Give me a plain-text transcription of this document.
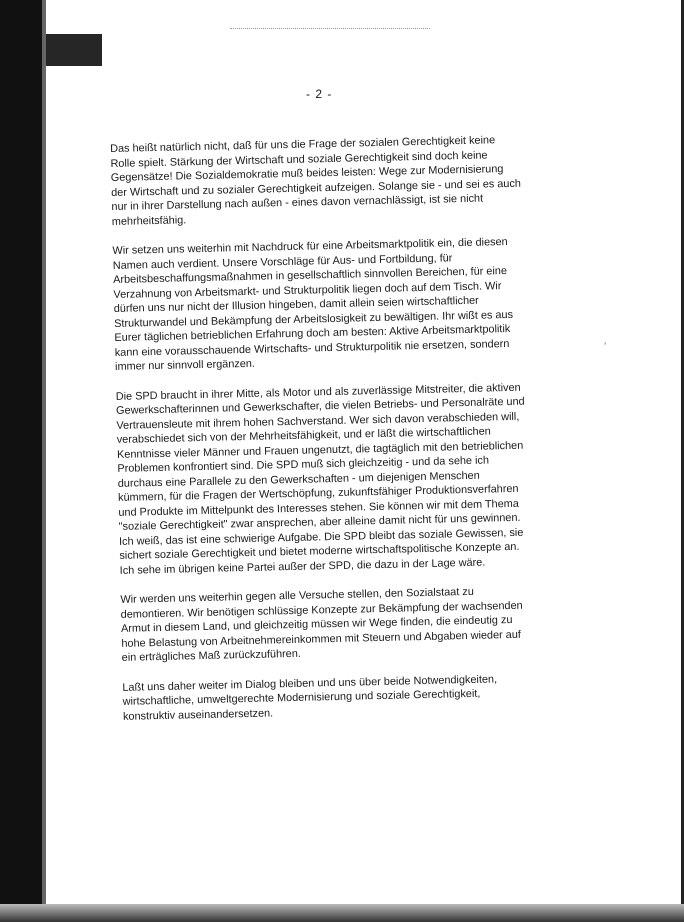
- 2 -

Das heißt natürlich nicht, daß für uns die Frage der sozialen Gerechtigkeit keine Rolle spielt. Stärkung der Wirtschaft und soziale Gerechtigkeit sind doch keine Gegensätze! Die Sozialdemokratie muß beides leisten: Wege zur Modernisierung der Wirtschaft und zu sozialer Gerechtigkeit aufzeigen. Solange sie - und sei es auch nur in ihrer Darstellung nach außen - eines davon vernachlässigt, ist sie nicht mehrheitsfähig.

Wir setzen uns weiterhin mit Nachdruck für eine Arbeitsmarktpolitik ein, die diesen Namen auch verdient. Unsere Vorschläge für Aus- und Fortbildung, für Arbeitsbeschaffungsmaßnahmen in gesellschaftlich sinnvollen Bereichen, für eine Verzahnung von Arbeitsmarkt- und Strukturpolitik liegen doch auf dem Tisch. Wir dürfen uns nur nicht der Illusion hingeben, damit allein seien wirtschaftlicher Strukturwandel und Bekämpfung der Arbeitslosigkeit zu bewältigen. Ihr wißt es aus Eurer täglichen betrieblichen Erfahrung doch am besten: Aktive Arbeitsmarktpolitik kann eine vorausschauende Wirtschafts- und Strukturpolitik nie ersetzen, sondern immer nur sinnvoll ergänzen.

Die SPD braucht in ihrer Mitte, als Motor und als zuverlässige Mitstreiter, die aktiven Gewerkschafterinnen und Gewerkschafter, die vielen Betriebs- und Personalräte und Vertrauensleute mit ihrem hohen Sachverstand. Wer sich davon verabschieden will, verabschiedet sich von der Mehrheitsfähigkeit, und er läßt die wirtschaftlichen Kenntnisse vieler Männer und Frauen ungenutzt, die tagtäglich mit den betrieblichen Problemen konfrontiert sind. Die SPD muß sich gleichzeitig - und da sehe ich durchaus eine Parallele zu den Gewerkschaften - um diejenigen Menschen kümmern, für die Fragen der Wertschöpfung, zukunftsfähiger Produktionsverfahren und Produkte im Mittelpunkt des Interesses stehen. Sie können wir mit dem Thema "soziale Gerechtigkeit" zwar ansprechen, aber alleine damit nicht für uns gewinnen. Ich weiß, das ist eine schwierige Aufgabe. Die SPD bleibt das soziale Gewissen, sie sichert soziale Gerechtigkeit und bietet moderne wirtschaftspolitische Konzepte an. Ich sehe im übrigen keine Partei außer der SPD, die dazu in der Lage wäre.

Wir werden uns weiterhin gegen alle Versuche stellen, den Sozialstaat zu demontieren. Wir benötigen schlüssige Konzepte zur Bekämpfung der wachsenden Armut in diesem Land, und gleichzeitig müssen wir Wege finden, die eindeutig zu hohe Belastung von Arbeitnehmereinkommen mit Steuern und Abgaben wieder auf ein erträgliches Maß zurückzuführen.

Laßt uns daher weiter im Dialog bleiben und uns über beide Notwendigkeiten, wirtschaftliche, umweltgerechte Modernisierung und soziale Gerechtigkeit, konstruktiv auseinandersetzen.

ʼ
